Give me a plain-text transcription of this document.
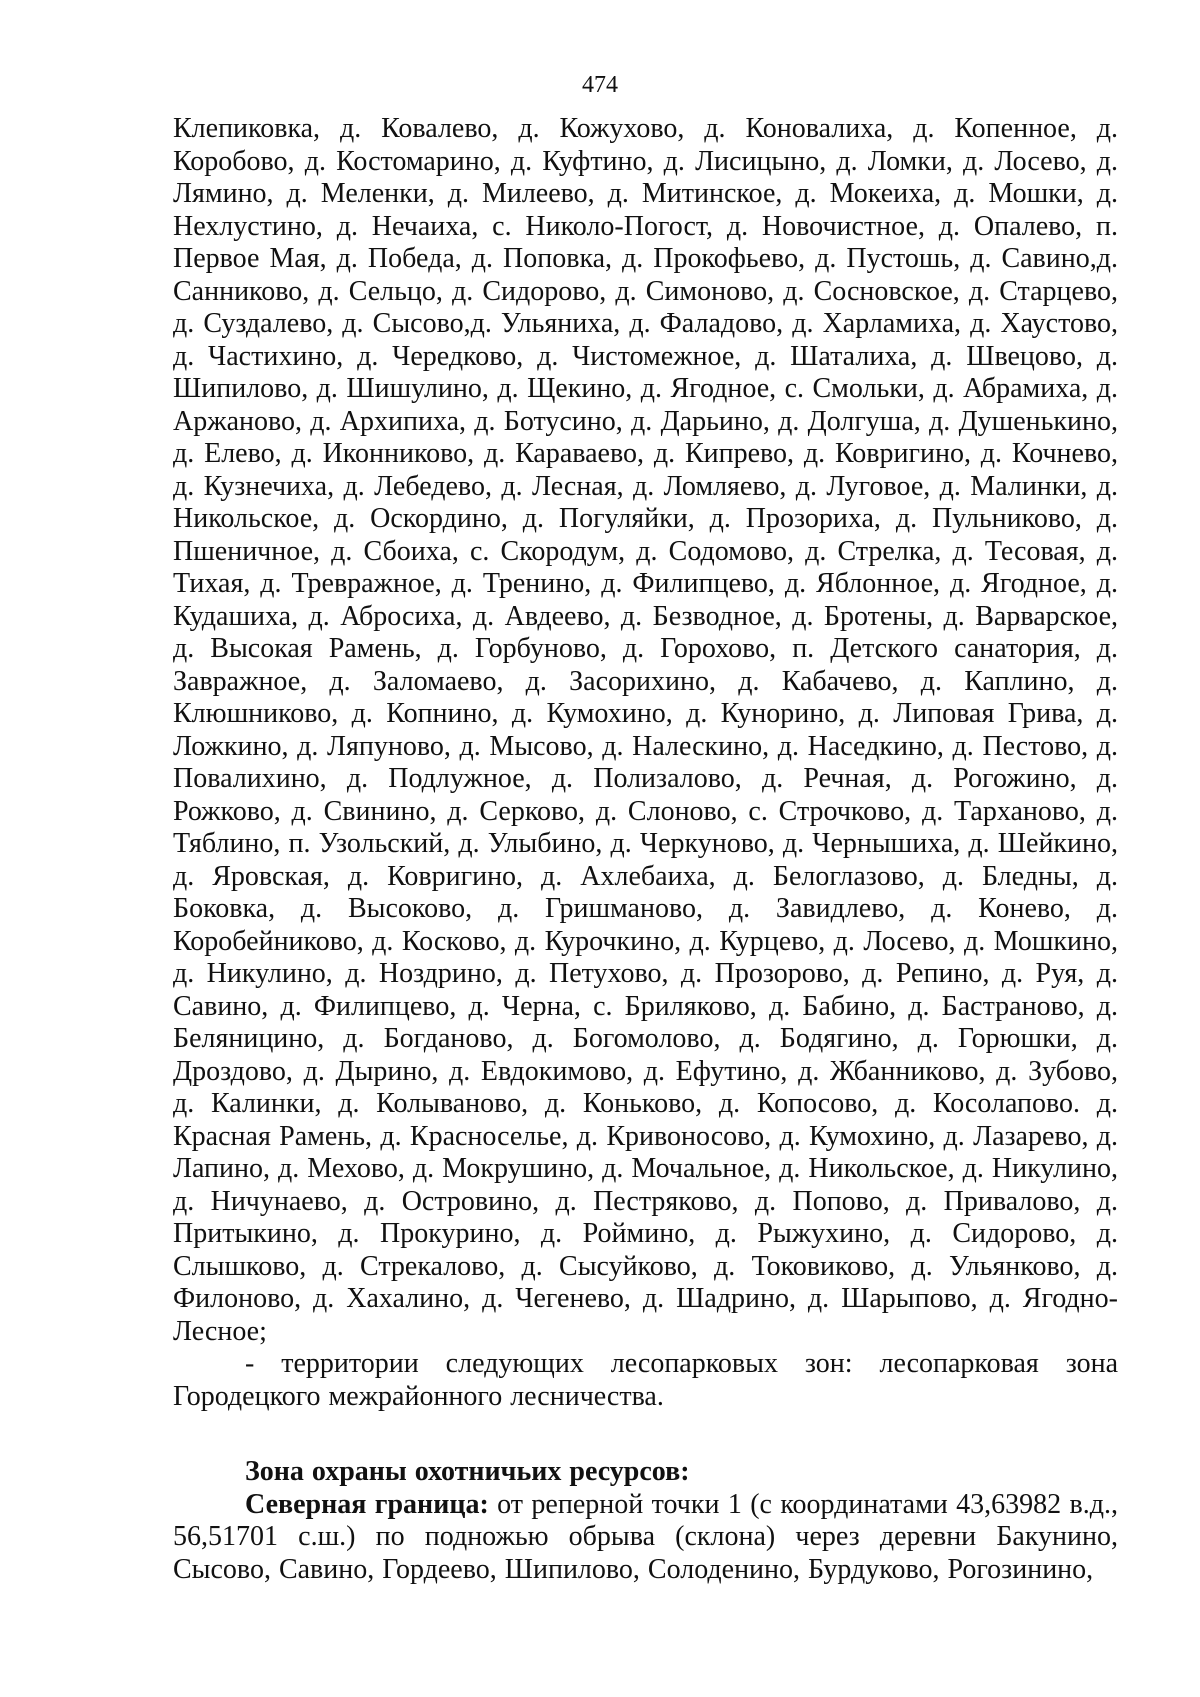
474

Клепиковка, д. Ковалево, д. Кожухово, д. Коновалиха, д. Копенное, д. Коробово, д. Костомарино, д. Куфтино, д. Лисицыно, д. Ломки, д. Лосево, д. Лямино, д. Меленки, д. Милеево, д. Митинское, д. Мокеиха, д. Мошки, д. Нехлустино, д. Нечаиха, с. Николо-Погост, д. Новочистное, д. Опалево, п. Первое Мая, д. Победа, д. Поповка, д. Прокофьево, д. Пустошь, д. Савино,д. Санниково, д. Сельцо, д. Сидорово, д. Симоново, д. Сосновское, д. Старцево, д. Суздалево, д. Сысово,д. Ульяниха, д. Фаладово, д. Харламиха, д. Хаустово, д. Частихино, д. Чередково, д. Чистомежное, д. Шаталиха, д. Швецово, д. Шипилово, д. Шишулино, д. Щекино, д. Ягодное, с. Смольки, д. Абрамиха, д. Аржаново, д. Архипиха, д. Ботусино, д. Дарьино, д. Долгуша, д. Душенькино, д. Елево, д. Иконниково, д. Караваево, д. Кипрево, д. Ковригино, д. Кочнево, д. Кузнечиха, д. Лебедево, д. Лесная, д. Ломляево, д. Луговое, д. Малинки, д. Никольское, д. Оскордино, д. Погуляйки, д. Прозориха, д. Пульниково, д. Пшеничное, д. Сбоиха, с. Скородум, д. Содомово, д. Стрелка, д. Тесовая, д. Тихая, д. Тревражное, д. Тренино, д. Филипцево, д. Яблонное, д. Ягодное, д. Кудашиха, д. Абросиха, д. Авдеево, д. Безводное, д. Бротены, д. Варварское, д. Высокая Рамень, д. Горбуново, д. Горохово, п. Детского санатория, д. Завражное, д. Заломаево, д. Засорихино, д. Кабачево, д. Каплино, д. Клюшниково, д. Копнино, д. Кумохино, д. Кунорино, д. Липовая Грива, д. Ложкино, д. Ляпуново, д. Мысово, д. Налескино, д. Наседкино, д. Пестово, д. Повалихино, д. Подлужное, д. Полизалово, д. Речная, д. Рогожино, д. Рожково, д. Свинино, д. Серково, д. Слоново, с. Строчково, д. Тарханово, д. Тяблино, п. Узольский, д. Улыбино, д. Черкуново, д. Чернышиха, д. Шейкино, д. Яровская, д. Ковригино, д. Ахлебаиха, д. Белоглазово, д. Бледны, д. Боковка, д. Высоково, д. Гришманово, д. Завидлево, д. Конево, д. Коробейниково, д. Косково, д. Курочкино, д. Курцево, д. Лосево, д. Мошкино, д. Никулино, д. Ноздрино, д. Петухово, д. Прозорово, д. Репино, д. Руя, д. Савино, д. Филипцево, д. Черна, с. Бриляково, д. Бабино, д. Бастраново, д. Беляницино, д. Богданово, д. Богомолово, д. Бодягино, д. Горюшки, д. Дроздово, д. Дырино, д. Евдокимово, д. Ефутино, д. Жбанниково, д. Зубово, д. Калинки, д. Колываново, д. Коньково, д. Копосово, д. Косолапово. д. Красная Рамень, д. Красноселье, д. Кривоносово, д. Кумохино, д. Лазарево, д. Лапино, д. Мехово, д. Мокрушино, д. Мочальное, д. Никольское, д. Никулино, д. Ничунаево, д. Островино, д. Пестряково, д. Попово, д. Привалово, д. Притыкино, д. Прокурино, д. Роймино, д. Рыжухино, д. Сидорово, д. Слышково, д. Стрекалово, д. Сысуйково, д. Токовиково, д. Ульянково, д. Филоново, д. Хахалино, д. Чегенево, д. Шадрино, д. Шарыпово, д. Ягодно-Лесное;

- территории следующих лесопарковых зон: лесопарковая зона Городецкого межрайонного лесничества.

Зона охраны охотничьих ресурсов:

Северная граница: от реперной точки 1 (с координатами 43,63982 в.д., 56,51701 с.ш.) по подножью обрыва (склона) через деревни Бакунино, Сысово, Савино, Гордеево, Шипилово, Солоденино, Бурдуково, Рогозинино,
